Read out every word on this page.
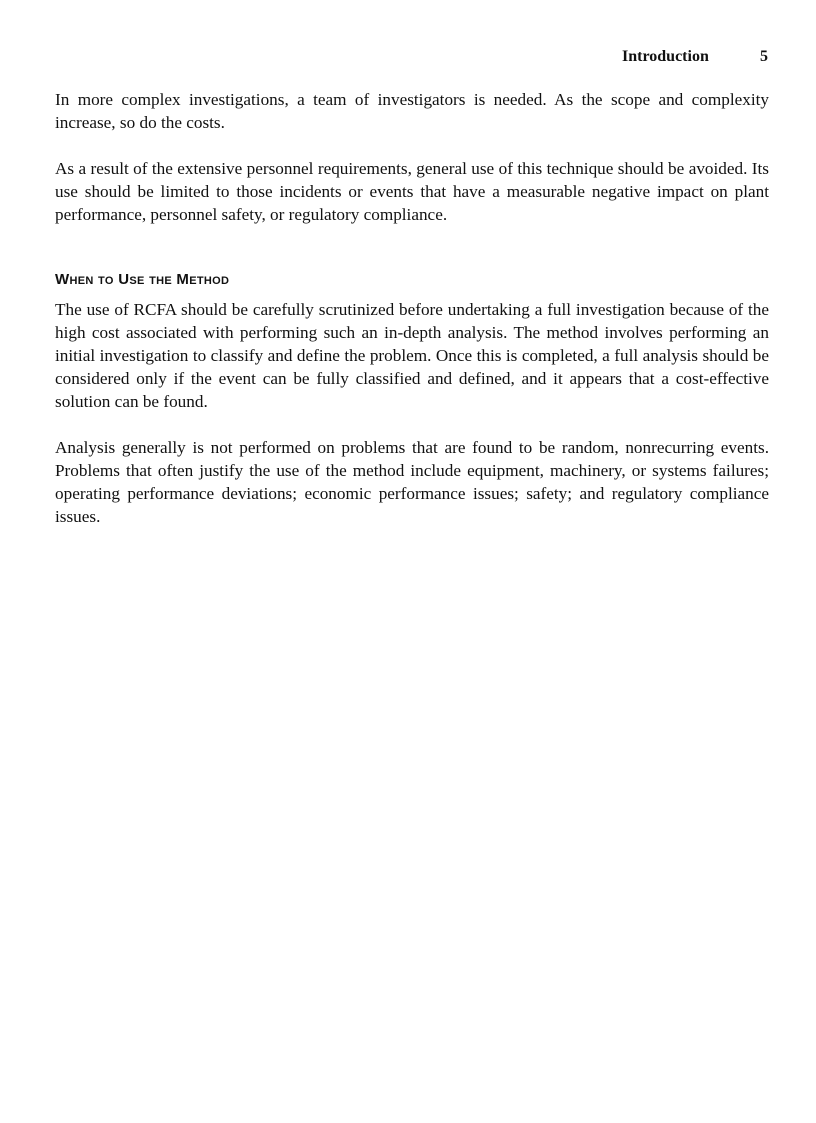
Introduction	5

In more complex investigations, a team of investigators is needed. As the scope and complexity increase, so do the costs.

As a result of the extensive personnel requirements, general use of this technique should be avoided. Its use should be limited to those incidents or events that have a measurable negative impact on plant performance, personnel safety, or regulatory compliance.

When to Use the Method

The use of RCFA should be carefully scrutinized before undertaking a full investigation because of the high cost associated with performing such an in-depth analysis. The method involves performing an initial investigation to classify and define the problem. Once this is completed, a full analysis should be considered only if the event can be fully classified and defined, and it appears that a cost-effective solution can be found.

Analysis generally is not performed on problems that are found to be random, nonrecurring events. Problems that often justify the use of the method include equipment, machinery, or systems failures; operating performance deviations; economic performance issues; safety; and regulatory compliance issues.
